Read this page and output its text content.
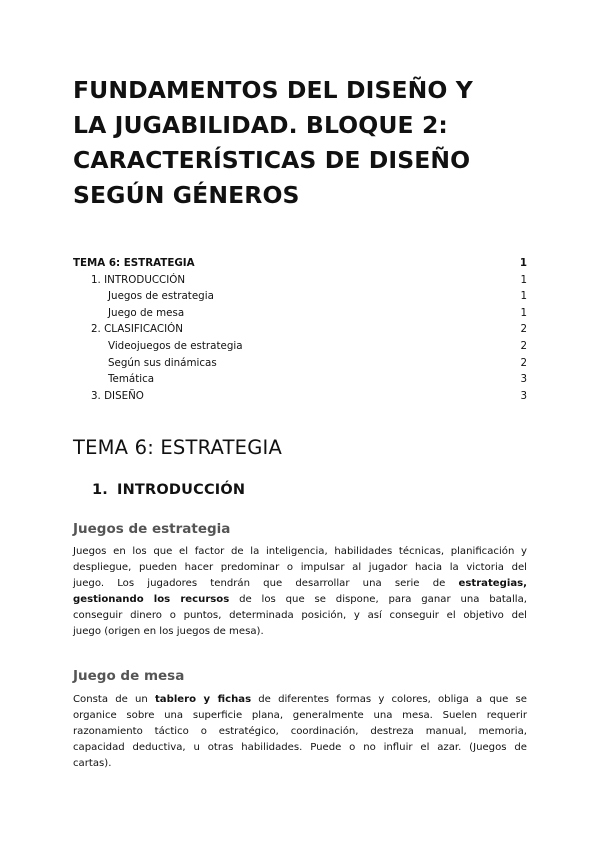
FUNDAMENTOS DEL DISEÑO Y
LA JUGABILIDAD. BLOQUE 2:
CARACTERÍSTICAS DE DISEÑO
SEGÚN GÉNEROS
TEMA 6: ESTRATEGIA	1
1. INTRODUCCIÓN	1
Juegos de estrategia	1
Juego de mesa	1
2. CLASIFICACIÓN	2
Videojuegos de estrategia	2
Según sus dinámicas	2
Temática	3
3. DISEÑO	3
TEMA 6: ESTRATEGIA
1. INTRODUCCIÓN
Juegos de estrategia
Juegos en los que el factor de la inteligencia, habilidades técnicas, planificación y
despliegue, pueden hacer predominar o impulsar al jugador hacia la victoria del
juego. Los jugadores tendrán que desarrollar una serie de estrategias,
gestionando los recursos de los que se dispone, para ganar una batalla,
conseguir dinero o puntos, determinada posición, y así conseguir el objetivo del
juego (origen en los juegos de mesa).
Juego de mesa
Consta de un tablero y fichas de diferentes formas y colores, obliga a que se
organice sobre una superficie plana, generalmente una mesa. Suelen requerir
razonamiento táctico o estratégico, coordinación, destreza manual, memoria,
capacidad deductiva, u otras habilidades. Puede o no influir el azar. (Juegos de
cartas).
